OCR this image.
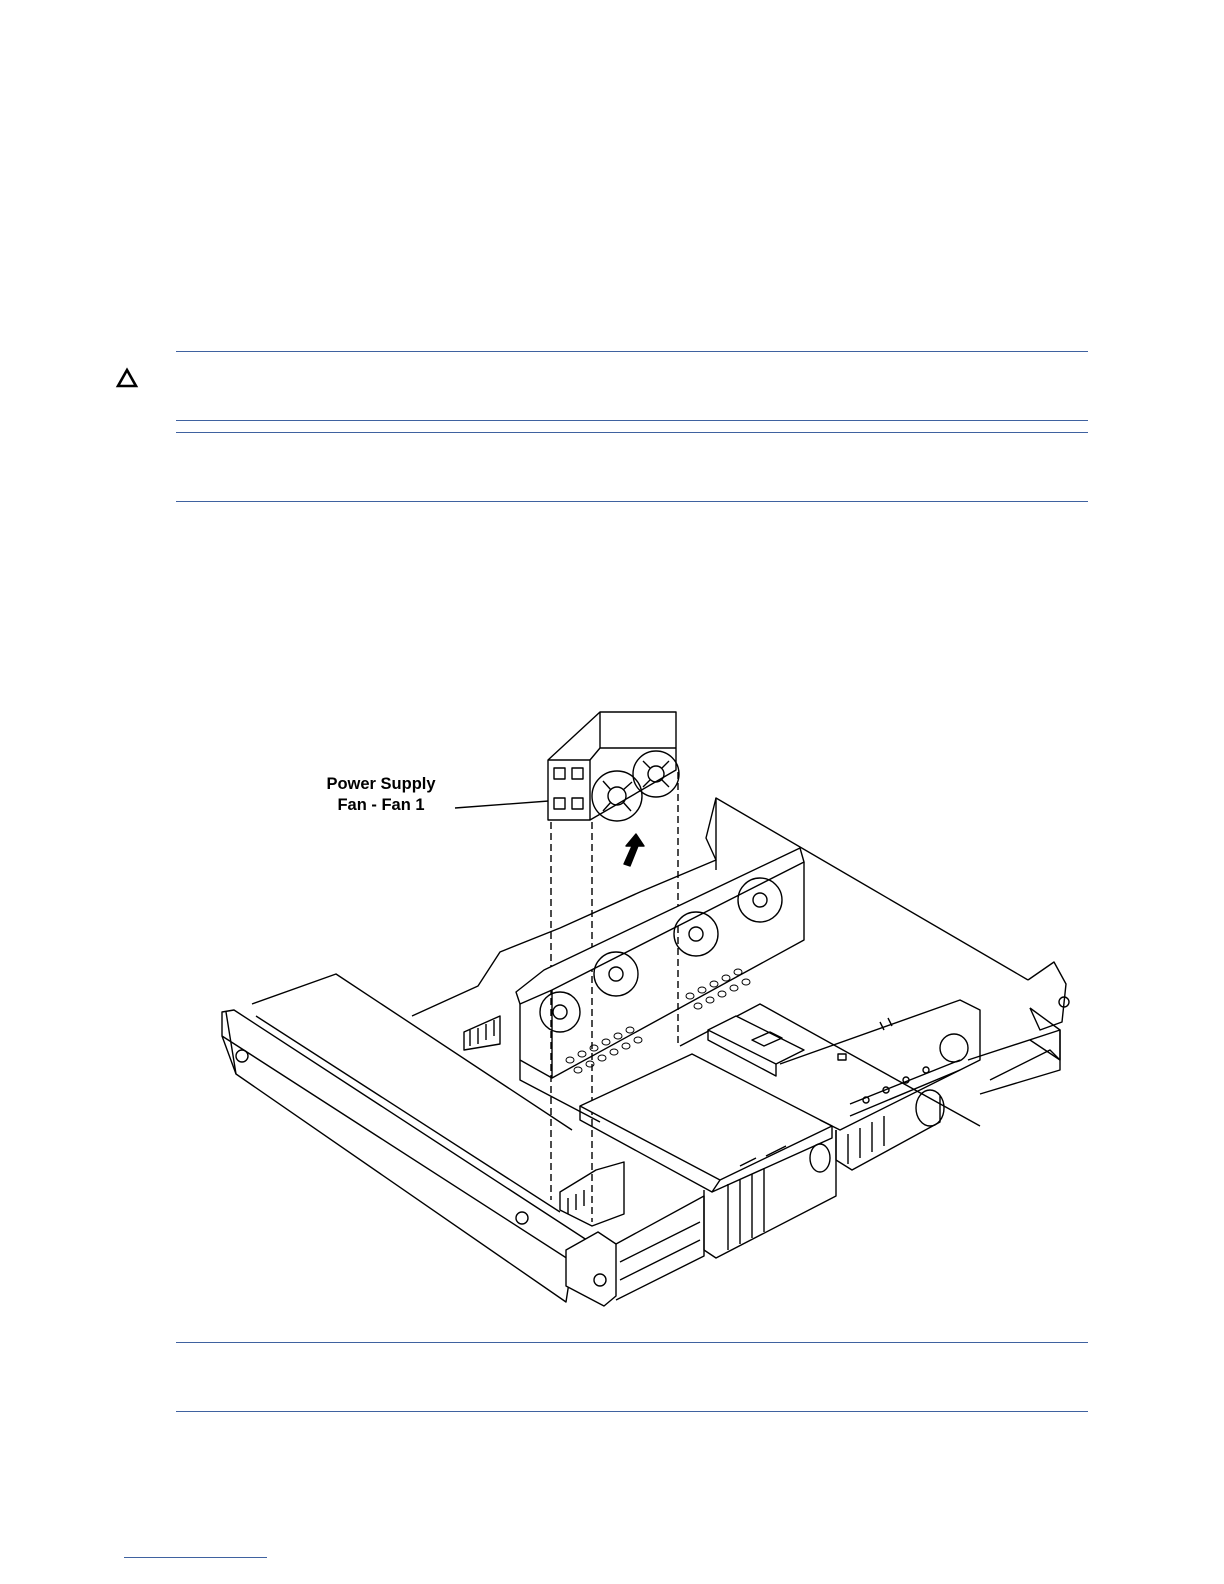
Power Supply
Fan - Fan 1
